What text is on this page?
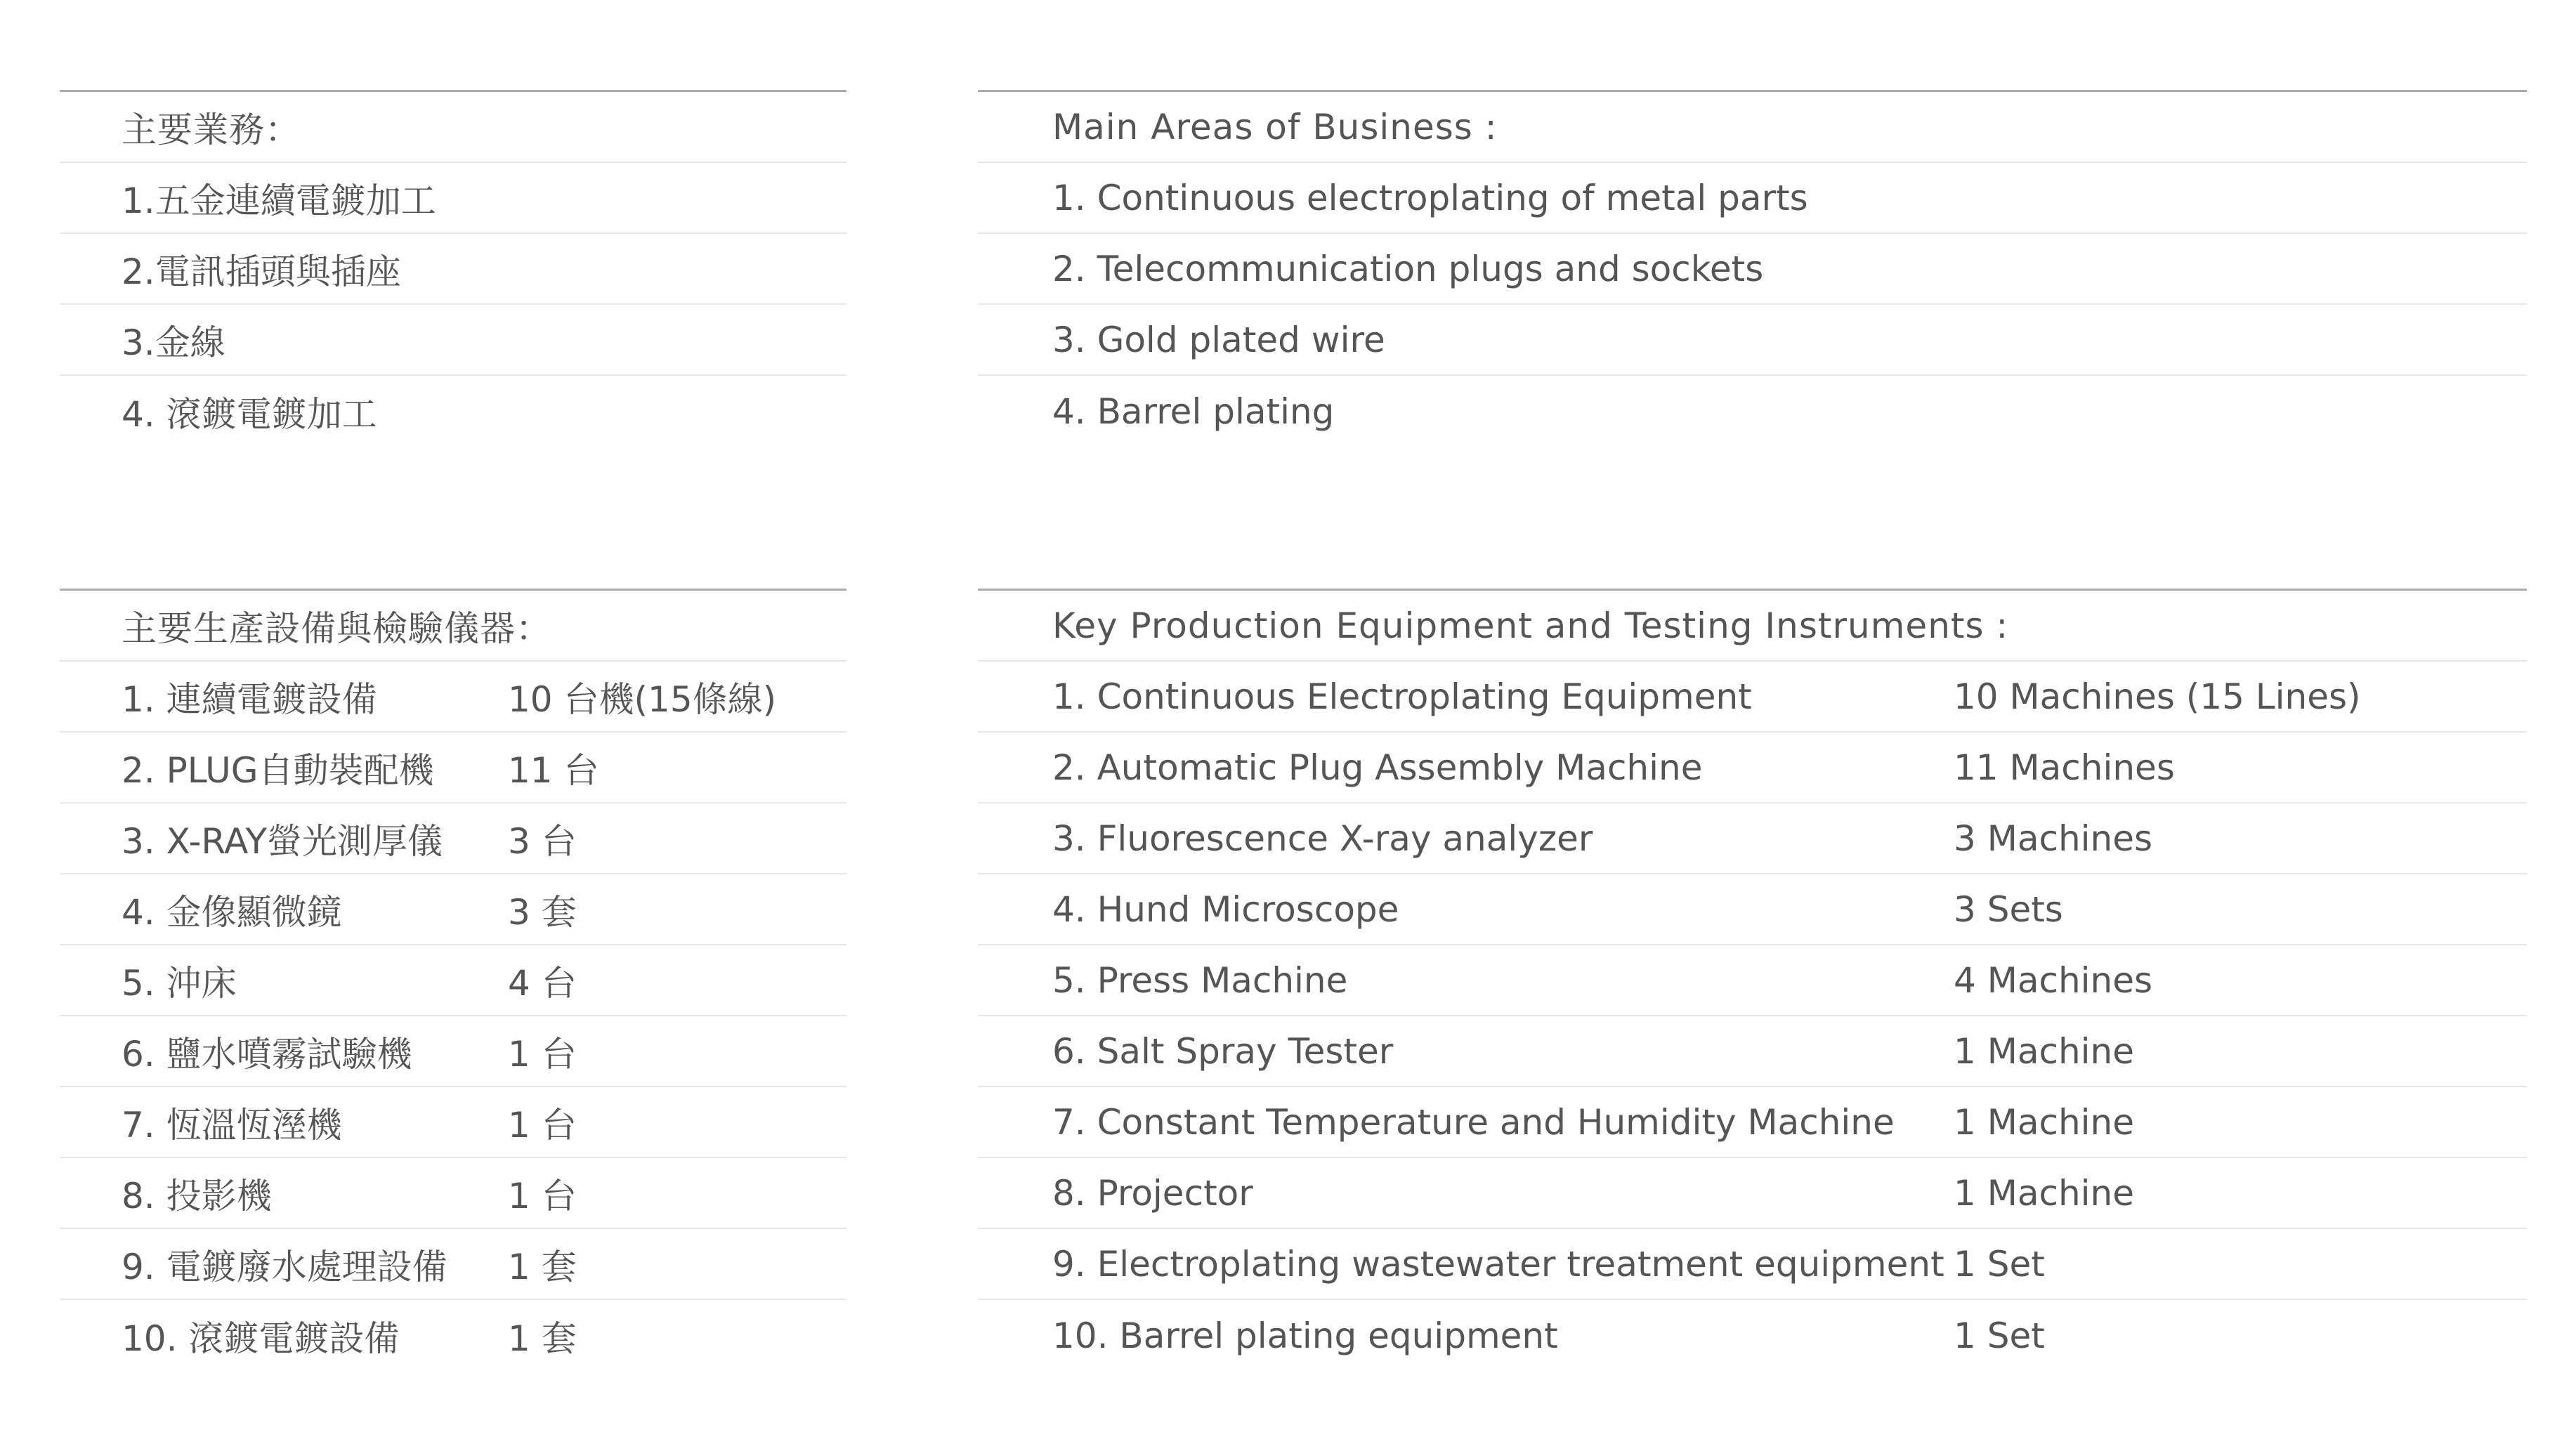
主要業務：
1.五金連續電鍍加工
2.電訊插頭與插座
3.金線
4. 滾鍍電鍍加工
Main Areas of Business :
1. Continuous electroplating of metal parts
2. Telecommunication plugs and sockets
3. Gold plated wire
4. Barrel plating
主要生產設備與檢驗儀器：
1. 連續電鍍設備	10 台機(15條線)
2. PLUG自動裝配機	11 台
3. X-RAY螢光測厚儀	3 台
4. 金像顯微鏡	3 套
5. 沖床	4 台
6. 鹽水噴霧試驗機	1 台
7. 恆溫恆溼機	1 台
8. 投影機	1 台
9. 電鍍廢水處理設備	1 套
10. 滾鍍電鍍設備	1 套
Key Production Equipment and Testing Instruments :
1. Continuous Electroplating Equipment	10 Machines (15 Lines)
2. Automatic Plug Assembly Machine	11 Machines
3. Fluorescence X-ray analyzer	3 Machines
4. Hund Microscope	3 Sets
5. Press Machine	4 Machines
6. Salt Spray Tester	1 Machine
7. Constant Temperature and Humidity Machine	1 Machine
8. Projector	1 Machine
9. Electroplating wastewater treatment equipment 1 Set
10. Barrel plating equipment	1 Set
